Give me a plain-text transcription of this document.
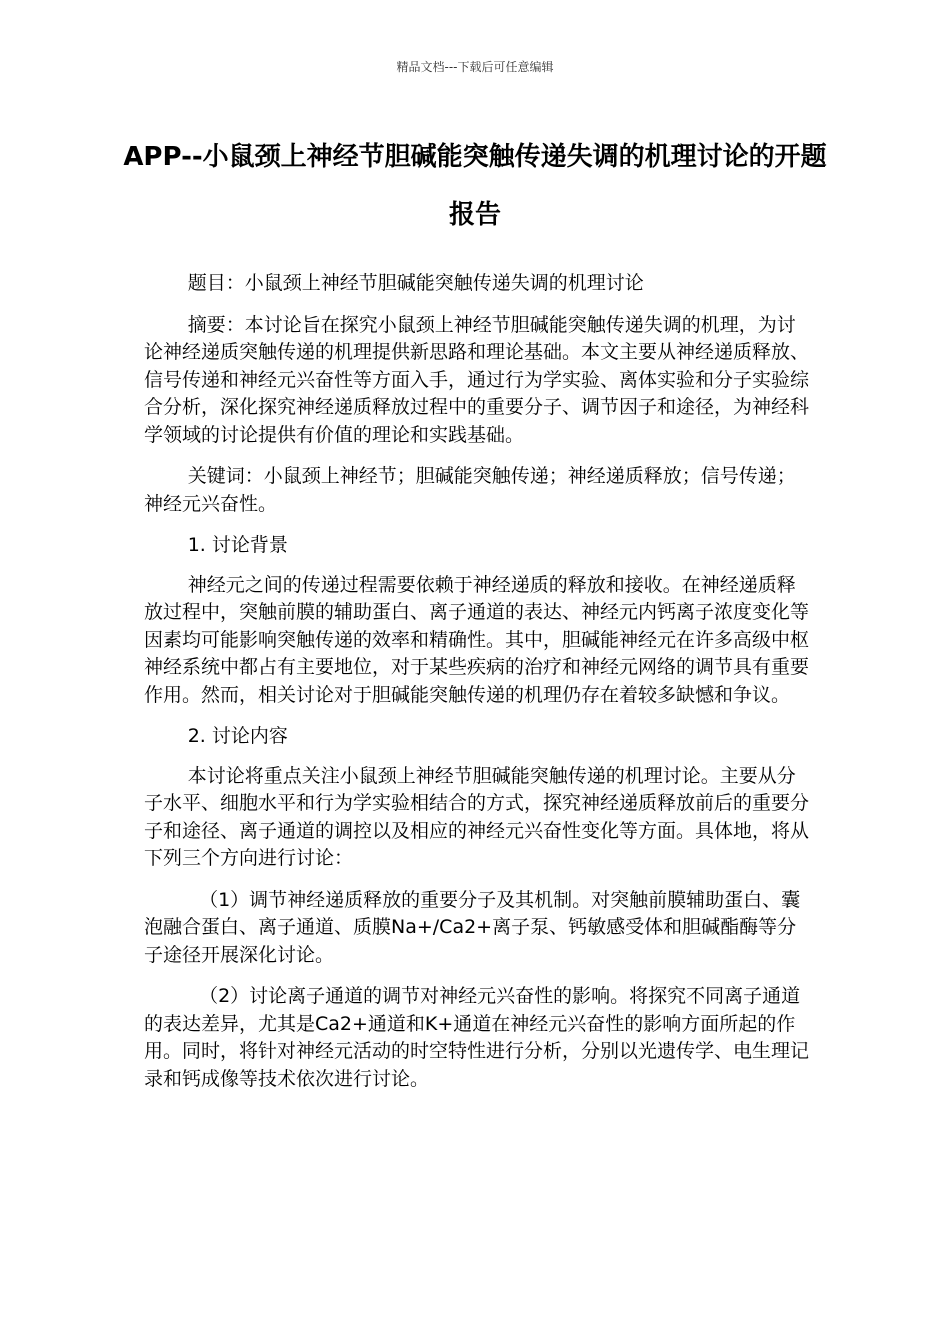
精品文档---下载后可任意编辑
APP--小鼠颈上神经节胆碱能突触传递失调的机理讨论的开题报告

题目：小鼠颈上神经节胆碱能突触传递失调的机理讨论

摘要：本讨论旨在探究小鼠颈上神经节胆碱能突触传递失调的机理，为讨论神经递质突触传递的机理提供新思路和理论基础。本文主要从神经递质释放、信号传递和神经元兴奋性等方面入手，通过行为学实验、离体实验和分子实验综合分析，深化探究神经递质释放过程中的重要分子、调节因子和途径，为神经科学领域的讨论提供有价值的理论和实践基础。

关键词：小鼠颈上神经节；胆碱能突触传递；神经递质释放；信号传递；神经元兴奋性。

1. 讨论背景

神经元之间的传递过程需要依赖于神经递质的释放和接收。在神经递质释放过程中，突触前膜的辅助蛋白、离子通道的表达、神经元内钙离子浓度变化等因素均可能影响突触传递的效率和精确性。其中，胆碱能神经元在许多高级中枢神经系统中都占有主要地位，对于某些疾病的治疗和神经元网络的调节具有重要作用。然而，相关讨论对于胆碱能突触传递的机理仍存在着较多缺憾和争议。

2. 讨论内容

本讨论将重点关注小鼠颈上神经节胆碱能突触传递的机理讨论。主要从分子水平、细胞水平和行为学实验相结合的方式，探究神经递质释放前后的重要分子和途径、离子通道的调控以及相应的神经元兴奋性变化等方面。具体地，将从下列三个方向进行讨论：

（1）调节神经递质释放的重要分子及其机制。对突触前膜辅助蛋白、囊泡融合蛋白、离子通道、质膜Na+/Ca2+离子泵、钙敏感受体和胆碱酯酶等分子途径开展深化讨论。

（2）讨论离子通道的调节对神经元兴奋性的影响。将探究不同离子通道的表达差异，尤其是Ca2+通道和K+通道在神经元兴奋性的影响方面所起的作用。同时，将针对神经元活动的时空特性进行分析，分别以光遗传学、电生理记录和钙成像等技术依次进行讨论。
